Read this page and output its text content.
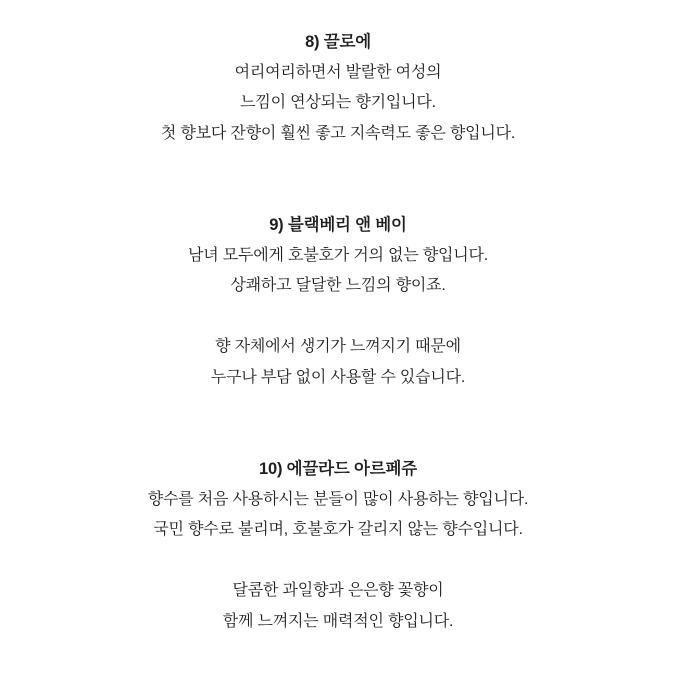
8) 끌로에

여리여리하면서 발랄한 여성의
느낌이 연상되는 향기입니다.
첫 향보다 잔향이 훨씬 좋고 지속력도 좋은 향입니다.

9) 블랙베리 앤 베이

남녀 모두에게 호불호가 거의 없는 향입니다.
상쾌하고 달달한 느낌의 향이죠.

향 자체에서 생기가 느껴지기 때문에
누구나 부담 없이 사용할 수 있습니다.

10) 에끌라드 아르페쥬

향수를 처음 사용하시는 분들이 많이 사용하는 향입니다.
국민 향수로 불리며, 호불호가 갈리지 않는 향수입니다.

달콤한 과일향과 은은향 꽃향이
함께 느껴지는 매력적인 향입니다.
